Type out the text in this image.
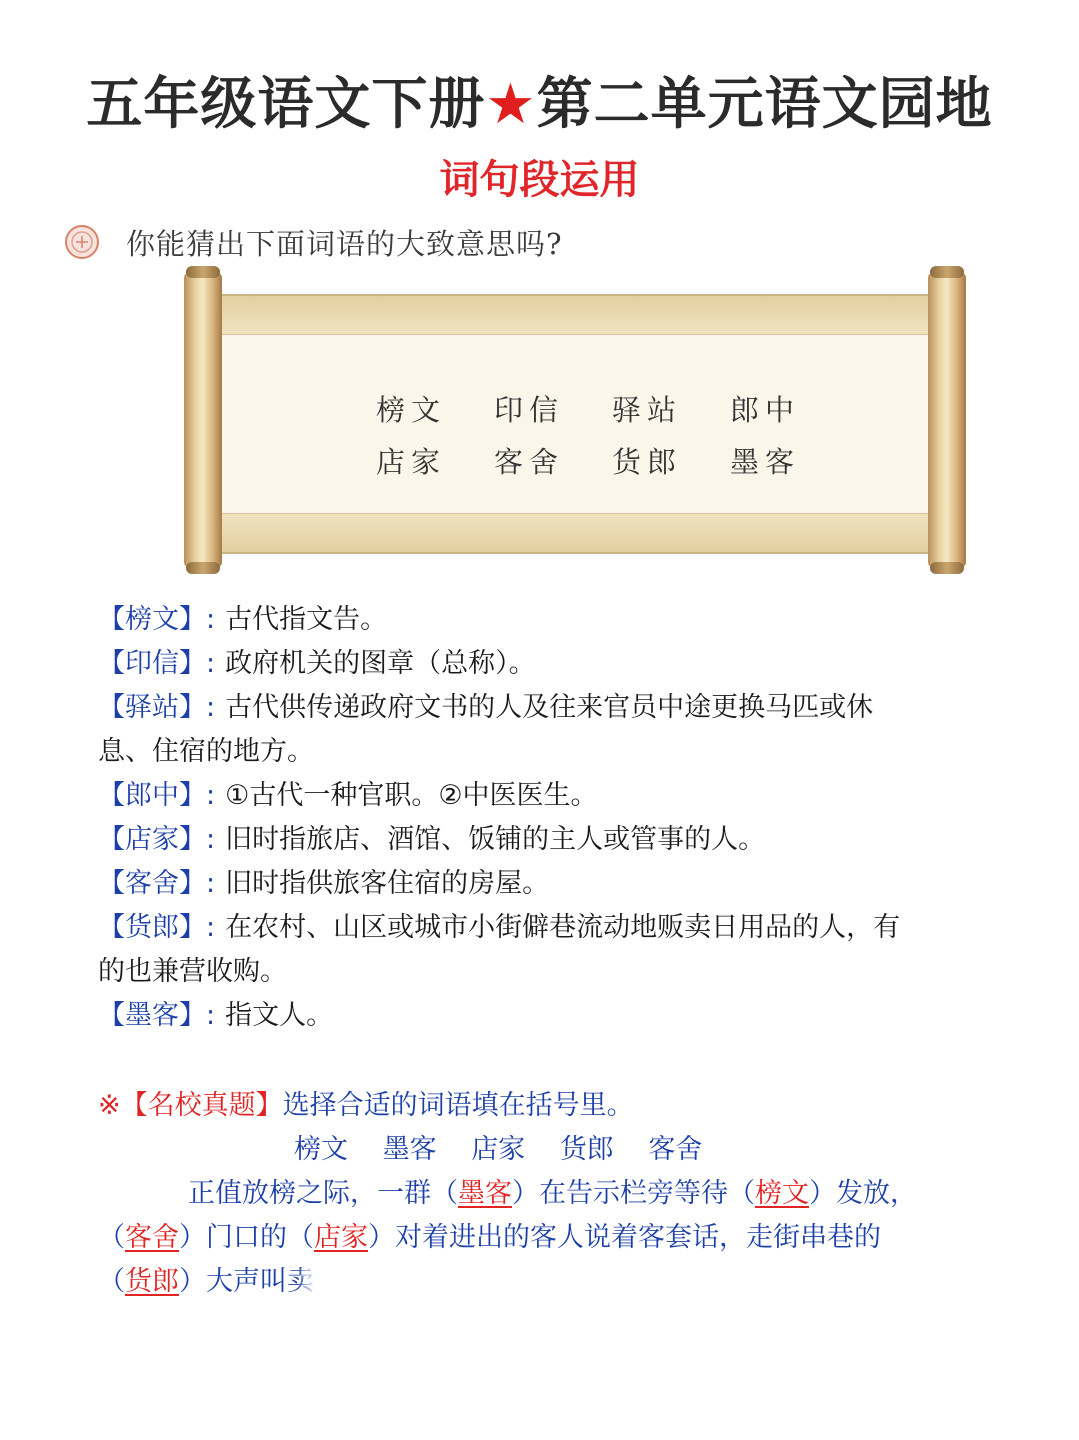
五年级语文下册★第二单元语文园地
词句段运用
你能猜出下面词语的大致意思吗?
榜文	印信	驿站	郎中
店家	客舍	货郎	墨客

【榜文】: 古代指文告。

【印信】: 政府机关的图章（总称）。

【驿站】: 古代供传递政府文书的人及往来官员中途更换马匹或休

息、住宿的地方。

【郎中】: ①古代一种官职。②中医医生。

【店家】: 旧时指旅店、酒馆、饭铺的主人或管事的人。

【客舍】: 旧时指供旅客住宿的房屋。

【货郎】: 在农村、山区或城市小街僻巷流动地贩卖日用品的人，有

的也兼营收购。

【墨客】: 指文人。

※【名校真题】选择合适的词语填在括号里。
榜文 墨客 店家 货郎 客舍

正值放榜之际，一群（墨客）在告示栏旁等待（榜文）发放，

（客舍）门口的（店家）对着进出的客人说着客套话，走街串巷的

（货郎）大声叫卖
